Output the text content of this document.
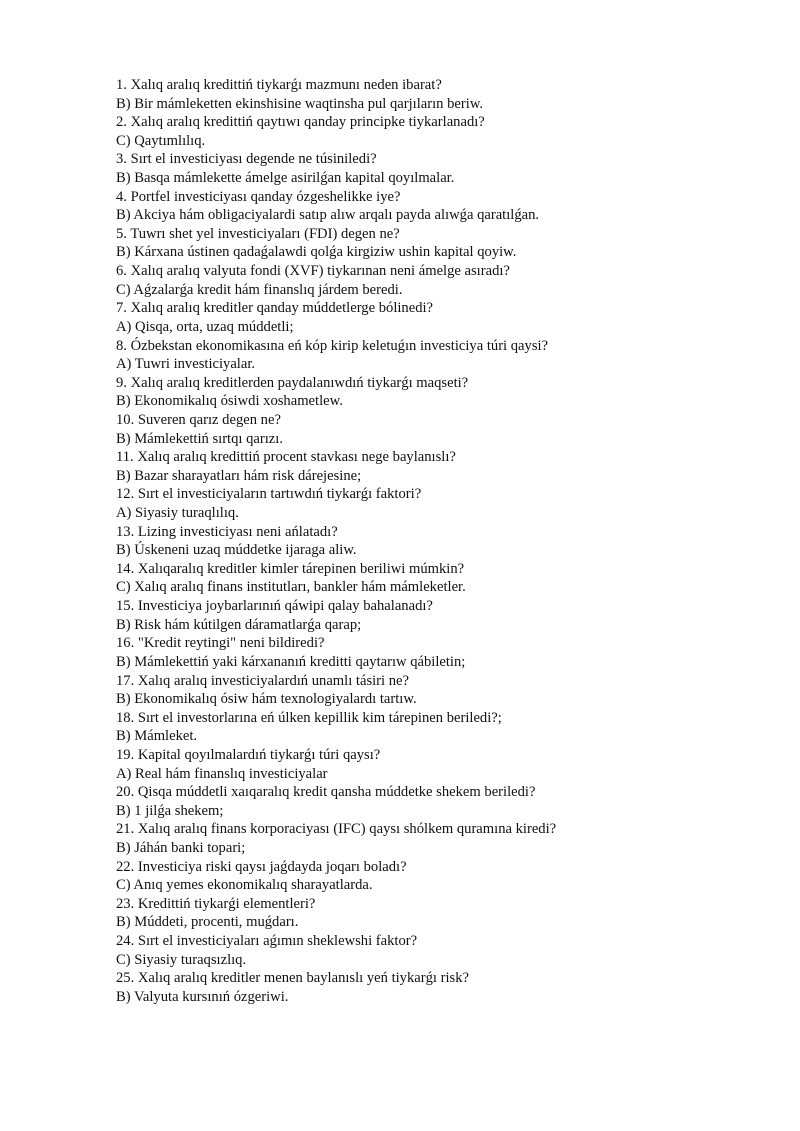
1. Xalıq aralıq kredittiń tiykarǵı mazmunı neden ibarat?
B) Bir mámleketten ekinshisine waqtinsha pul qarjıların beriw.
2. Xalıq aralıq kredittiń qaytıwı qanday principke tiykarlanadı?
C) Qaytımlılıq.
3. Sırt el investiciyası degende ne túsiniledi?
B) Basqa mámlekette ámelge asirilǵan kapital qoyılmalar.
4. Portfel investiciyası qanday ózgeshelikke iye?
B) Akciya hám obligaciyalardi satıp alıw arqalı payda alıwǵa qaratılǵan.
5. Tuwrı shet yel investiciyaları (FDI) degen ne?
B) Kárxana ústinen qadaǵalawdi qolǵa kirgiziw ushin kapital qoyiw.
6. Xalıq aralıq valyuta fondi (XVF) tiykarınan neni ámelge asıradı?
C) Aǵzalarǵa kredit hám finanslıq járdem beredi.
7. Xalıq aralıq kreditler qanday múddetlerge bólinedi?
A) Qisqa, orta, uzaq múddetli;
8. Ózbekstan ekonomikasına eń kóp kirip keletuǵın investiciya túri qaysi?
A) Tuwri investiciyalar.
9. Xalıq aralıq kreditlerden paydalanıwdıń tiykarǵı maqseti?
B) Ekonomikalıq ósiwdi xoshametlew.
10. Suveren qarız degen ne?
B) Mámlekettiń sırtqı qarızı.
11. Xalıq aralıq kredittiń procent stavkası nege baylanıslı?
B) Bazar sharayatları hám risk dárejesine;
12. Sırt el investiciyaların tartıwdıń tiykarǵı faktori?
A) Siyasiy turaqlılıq.
13. Lizing investiciyası neni ańlatadı?
B) Úskeneni uzaq múddetke ijaraga aliw.
14. Xalıqaralıq kreditler kimler tárepinen beriliwi múmkin?
C) Xalıq aralıq finans institutları, bankler hám mámleketler.
15. Investiciya joybarlarınıń qáwipi qalay bahalanadı?
B) Risk hám kútilgen dáramatlarǵa qarap;
16. "Kredit reytingi" neni bildiredi?
B) Mámlekettiń yaki kárxananıń kreditti qaytarıw qábiletin;
17. Xalıq aralıq investiciyalardıń unamlı tásiri ne?
B) Ekonomikalıq ósiw hám texnologiyalardı tartıw.
18. Sırt el investorlarına eń úlken kepillik kim tárepinen beriledi?;
B) Mámleket.
19. Kapital qoyılmalardıń tiykarǵı túri qaysı?
A) Real hám finanslıq investiciyalar
20. Qisqa múddetli xaıqaralıq kredit qansha múddetke shekem beriledi?
B) 1 jilǵa shekem;
21. Xalıq aralıq finans korporaciyası (IFC) qaysı shólkem quramına kiredi?
B) Jáhán banki topari;
22. Investiciya riski qaysı jaǵdayda joqarı boladı?
C) Anıq yemes ekonomikalıq sharayatlarda.
23. Kredittiń tiykarǵi elementleri?
B) Múddeti, procenti, muǵdarı.
24. Sırt el investiciyaları aǵımın sheklewshi faktor?
C) Siyasiy turaqsızlıq.
25. Xalıq aralıq kreditler menen baylanıslı yeń tiykarǵı risk?
B) Valyuta kursınıń ózgeriwi.
